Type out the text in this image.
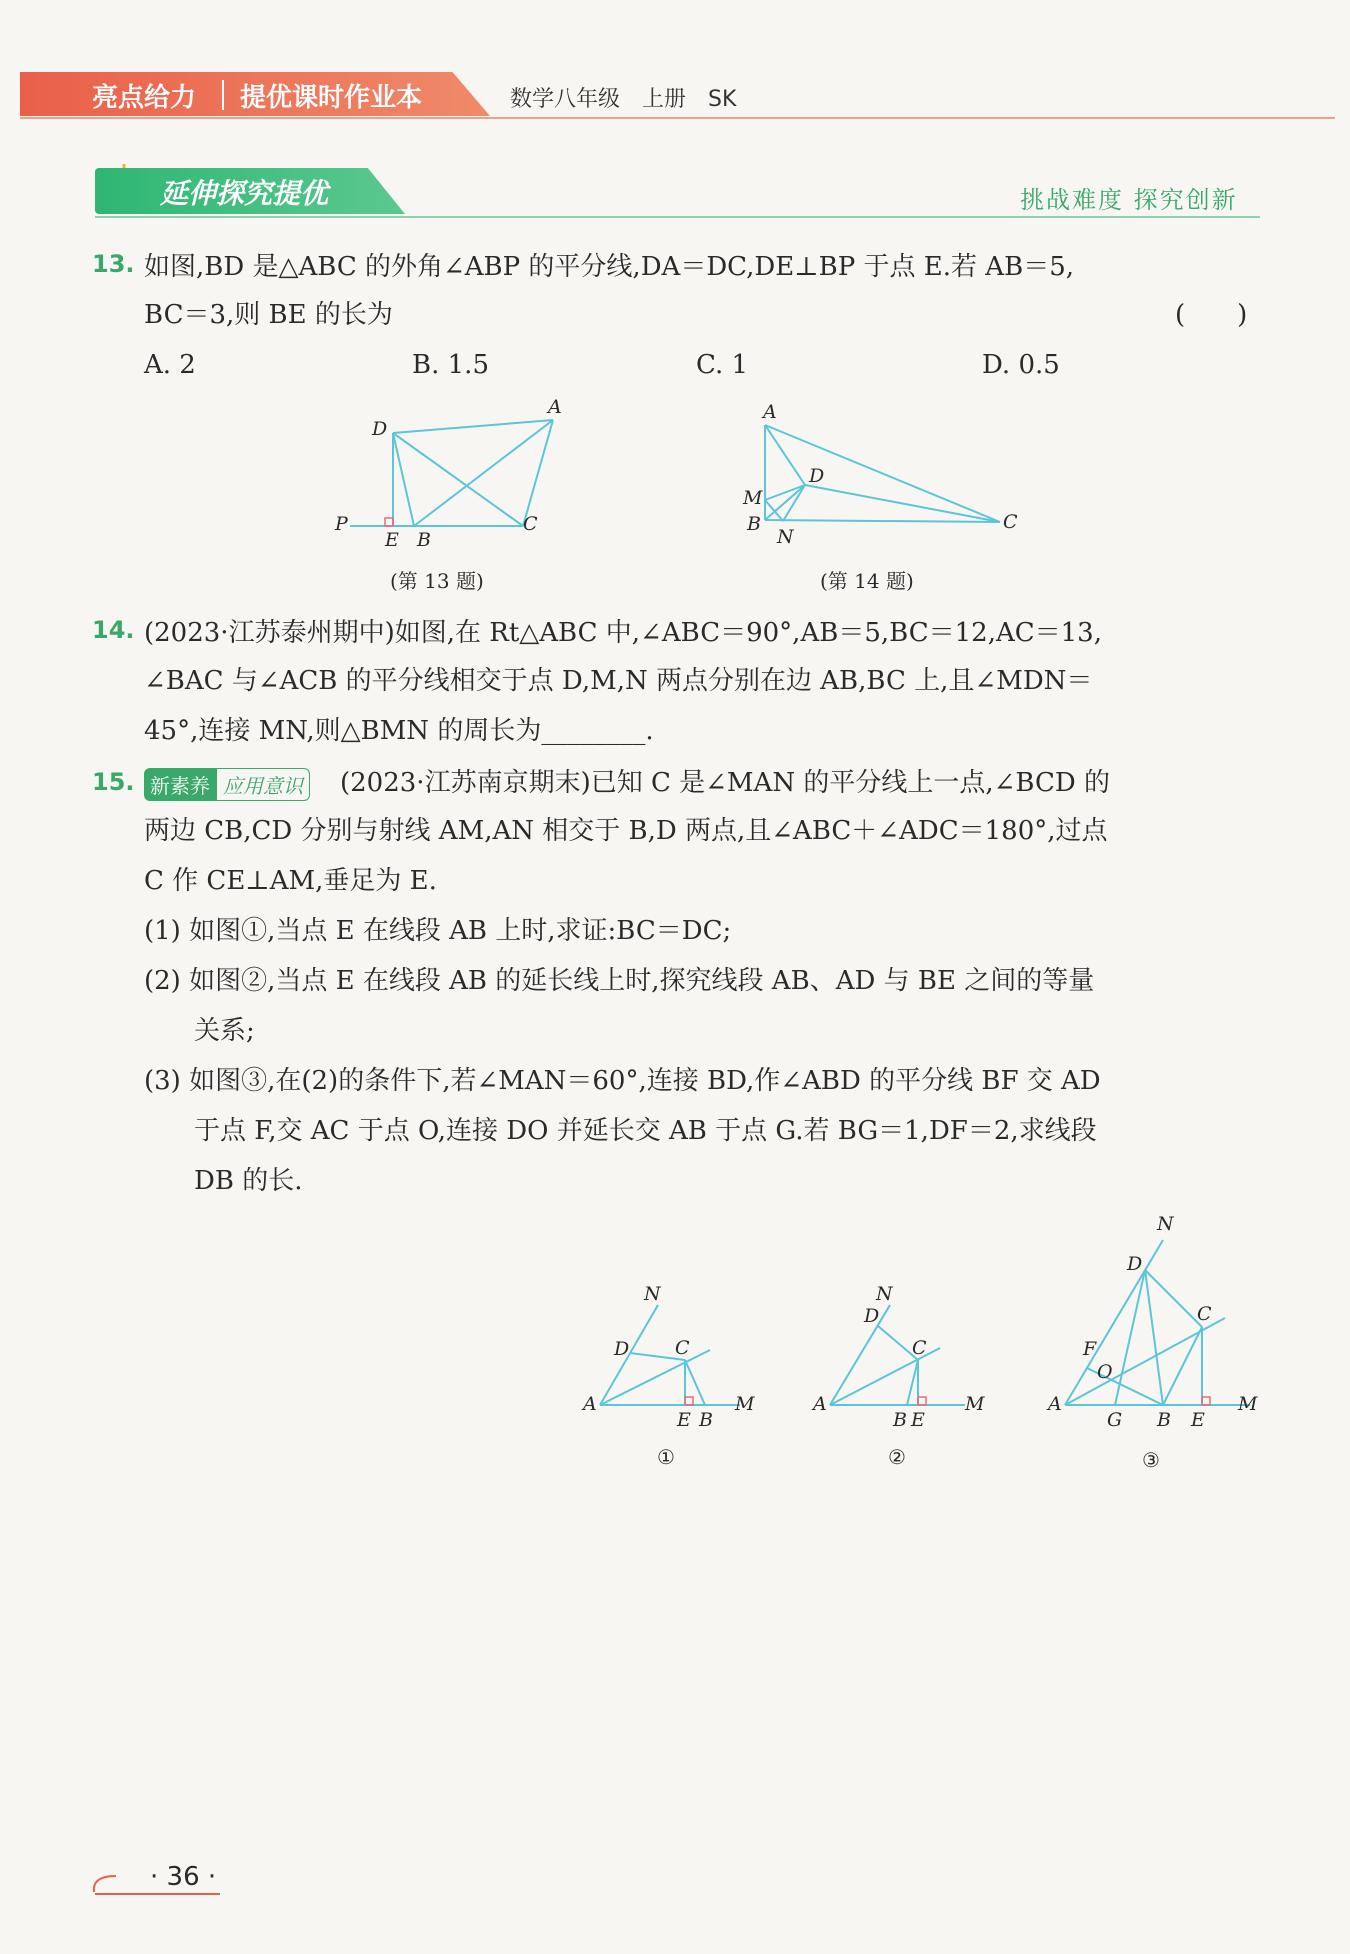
亮点给力 提优课时作业本	数学八年级　上册　SK
延伸探究提优	挑战难度 探究创新
13. 如图,BD 是△ABC 的外角∠ABP 的平分线,DA＝DC,DE⊥BP 于点 E.若 AB＝5,
BC＝3,则 BE 的长为	(　　)
A. 2	B. 1.5	C. 1	D. 0.5
D
A
P
E B
C
(第 13 题)
A
D
M
B
N
C
(第 14 题)
14. (2023·江苏泰州期中)如图,在 Rt△ABC 中,∠ABC＝90°,AB＝5,BC＝12,AC＝13,
∠BAC 与∠ACB 的平分线相交于点 D,M,N 两点分别在边 AB,BC 上,且∠MDN＝
45°,连接 MN,则△BMN 的周长为________.
15. 新素养 应用意识 (2023·江苏南京期末)已知 C 是∠MAN 的平分线上一点,∠BCD 的
两边 CB,CD 分别与射线 AM,AN 相交于 B,D 两点,且∠ABC＋∠ADC＝180°,过点
C 作 CE⊥AM,垂足为 E.
(1) 如图①,当点 E 在线段 AB 上时,求证:BC＝DC;
(2) 如图②,当点 E 在线段 AB 的延长线上时,探究线段 AB、AD 与 BE 之间的等量
关系;
(3) 如图③,在(2)的条件下,若∠MAN＝60°,连接 BD,作∠ABD 的平分线 BF 交 AD
于点 F,交 AC 于点 O,连接 DO 并延长交 AB 于点 G.若 BG＝1,DF＝2,求线段
DB 的长.
N
D C
A
E B
M
①
N
D
C
A
B E
M
②
N
D
C
F
O
A
G B E
M
③
· 36 ·
